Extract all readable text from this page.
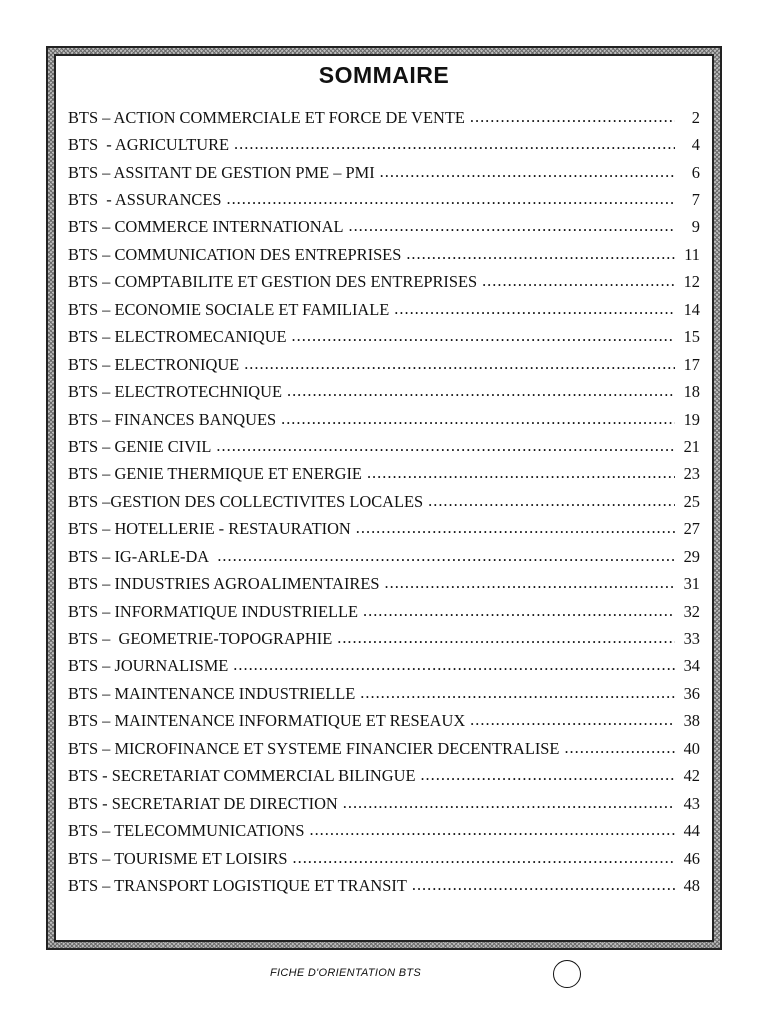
SOMMAIRE
BTS – ACTION COMMERCIALE ET FORCE DE VENTE .....	2
BTS  - AGRICULTURE .....	4
BTS – ASSITANT DE GESTION PME – PMI .....	6
BTS  - ASSURANCES .....	7
BTS – COMMERCE INTERNATIONAL .....	9
BTS – COMMUNICATION DES ENTREPRISES .....	11
BTS – COMPTABILITE ET GESTION DES ENTREPRISES .....	12
BTS – ECONOMIE SOCIALE ET FAMILIALE .....	14
BTS – ELECTROMECANIQUE .....	15
BTS – ELECTRONIQUE .....	17
BTS – ELECTROTECHNIQUE .....	18
BTS – FINANCES BANQUES .....	19
BTS – GENIE CIVIL .....	21
BTS – GENIE THERMIQUE ET ENERGIE .....	23
BTS –GESTION DES COLLECTIVITES LOCALES .....	25
BTS – HOTELLERIE - RESTAURATION .....	27
BTS – IG-ARLE-DA .....	29
BTS – INDUSTRIES AGROALIMENTAIRES .....	31
BTS – INFORMATIQUE INDUSTRIELLE .....	32
BTS –  GEOMETRIE-TOPOGRAPHIE .....	33
BTS – JOURNALISME .....	34
BTS – MAINTENANCE INDUSTRIELLE .....	36
BTS – MAINTENANCE INFORMATIQUE ET RESEAUX .....	38
BTS – MICROFINANCE ET SYSTEME FINANCIER DECENTRALISE .....	40
BTS - SECRETARIAT COMMERCIAL BILINGUE .....	42
BTS - SECRETARIAT DE DIRECTION .....	43
BTS – TELECOMMUNICATIONS .....	44
BTS – TOURISME ET LOISIRS .....	46
BTS – TRANSPORT LOGISTIQUE ET TRANSIT .....	48
FICHE D'ORIENTATION BTS
